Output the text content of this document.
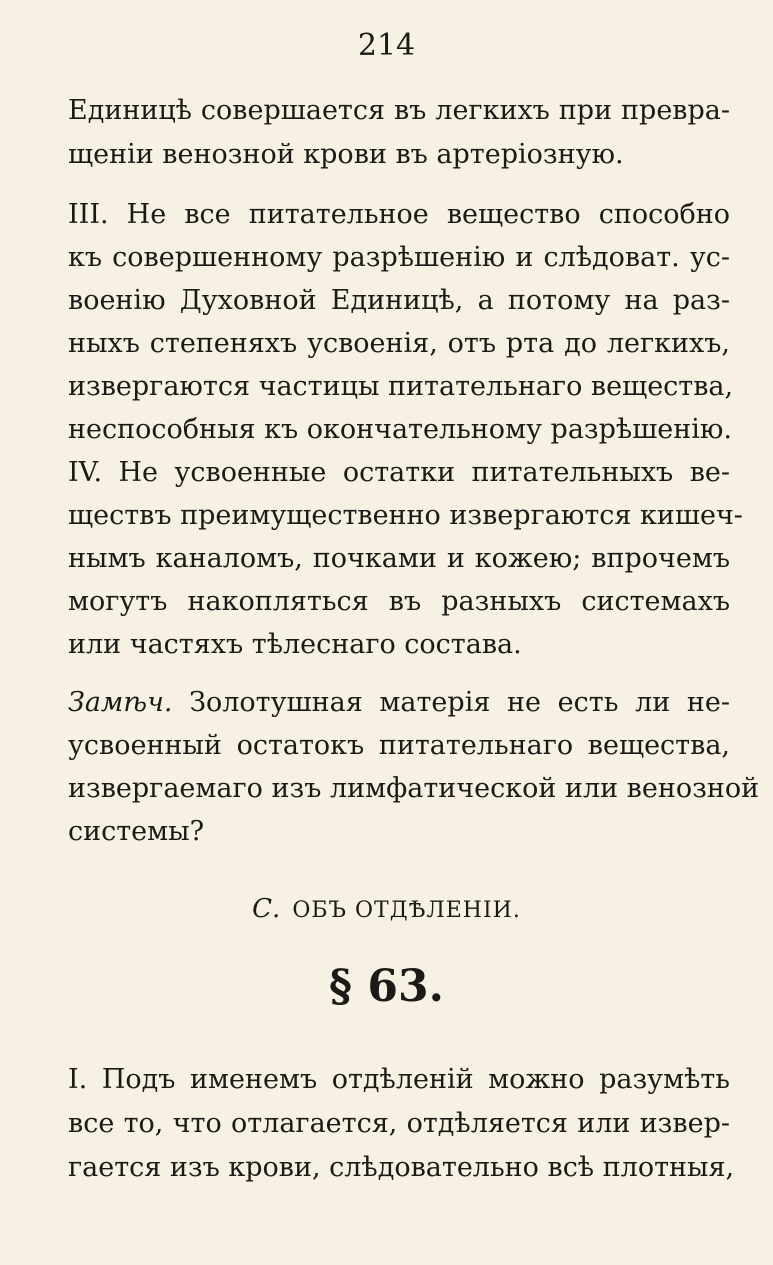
214
Единицѣ совершается въ легкихъ при превра-
щеніи венозной крови въ артеріозную.
III. Не все питательное вещество способно
къ совершенному разрѣшенію и слѣдоват. ус-
военію Духовной Единицѣ, а потому на раз-
ныхъ степеняхъ усвоенія, отъ рта до легкихъ,
извергаются частицы питательнаго вещества,
неспособныя къ окончательному разрѣшенію.
IV. Не усвоенные остатки питательныхъ ве-
ществъ преимущественно извергаются кишеч-
нымъ каналомъ, почками и кожею; впрочемъ
могутъ накопляться въ разныхъ системахъ
или частяхъ тѣлеснаго состава.
Замѣч. Золотушная матерія не есть ли не-
усвоенный остатокъ питательнаго вещества,
извергаемаго изъ лимфатической или венозной
системы?
С. ОБЪ ОТДѢЛЕНІИ.
§ 63.
I. Подъ именемъ отдѣленій можно разумѣть
все то, что отлагается, отдѣляется или извер-
гается изъ крови, слѣдовательно всѣ плотныя,
